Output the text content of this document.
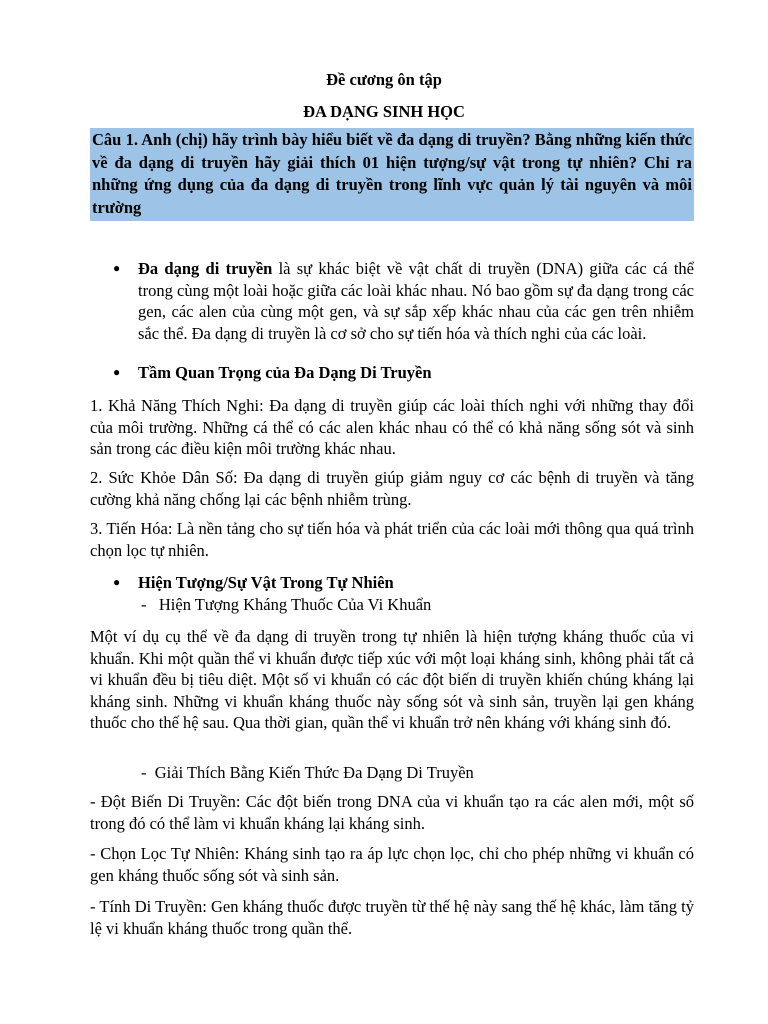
Đề cương ôn tập
ĐA DẠNG SINH HỌC
Câu 1. Anh (chị) hãy trình bày hiểu biết về đa dạng di truyền? Bằng những kiến thức về đa dạng di truyền hãy giải thích 01 hiện tượng/sự vật trong tự nhiên? Chỉ ra những ứng dụng của đa dạng di truyền trong lĩnh vực quản lý tài nguyên và môi trường
● Đa dạng di truyền là sự khác biệt về vật chất di truyền (DNA) giữa các cá thể trong cùng một loài hoặc giữa các loài khác nhau. Nó bao gồm sự đa dạng trong các gen, các alen của cùng một gen, và sự sắp xếp khác nhau của các gen trên nhiễm sắc thể. Đa dạng di truyền là cơ sở cho sự tiến hóa và thích nghi của các loài.
● Tầm Quan Trọng của Đa Dạng Di Truyền
1. Khả Năng Thích Nghi: Đa dạng di truyền giúp các loài thích nghi với những thay đổi của môi trường. Những cá thể có các alen khác nhau có thể có khả năng sống sót và sinh sản trong các điều kiện môi trường khác nhau.
2. Sức Khỏe Dân Số: Đa dạng di truyền giúp giảm nguy cơ các bệnh di truyền và tăng cường khả năng chống lại các bệnh nhiễm trùng.
3. Tiến Hóa: Là nền tảng cho sự tiến hóa và phát triển của các loài mới thông qua quá trình chọn lọc tự nhiên.
● Hiện Tượng/Sự Vật Trong Tự Nhiên
-   Hiện Tượng Kháng Thuốc Của Vi Khuẩn
Một ví dụ cụ thể về đa dạng di truyền trong tự nhiên là hiện tượng kháng thuốc của vi khuẩn. Khi một quần thể vi khuẩn được tiếp xúc với một loại kháng sinh, không phải tất cả vi khuẩn đều bị tiêu diệt. Một số vi khuẩn có các đột biến di truyền khiến chúng kháng lại kháng sinh. Những vi khuẩn kháng thuốc này sống sót và sinh sản, truyền lại gen kháng thuốc cho thế hệ sau. Qua thời gian, quần thể vi khuẩn trở nên kháng với kháng sinh đó.
-  Giải Thích Bằng Kiến Thức Đa Dạng Di Truyền
- Đột Biến Di Truyền: Các đột biến trong DNA của vi khuẩn tạo ra các alen mới, một số trong đó có thể làm vi khuẩn kháng lại kháng sinh.
- Chọn Lọc Tự Nhiên: Kháng sinh tạo ra áp lực chọn lọc, chỉ cho phép những vi khuẩn có gen kháng thuốc sống sót và sinh sản.
- Tính Di Truyền: Gen kháng thuốc được truyền từ thế hệ này sang thế hệ khác, làm tăng tỷ lệ vi khuẩn kháng thuốc trong quần thể.
